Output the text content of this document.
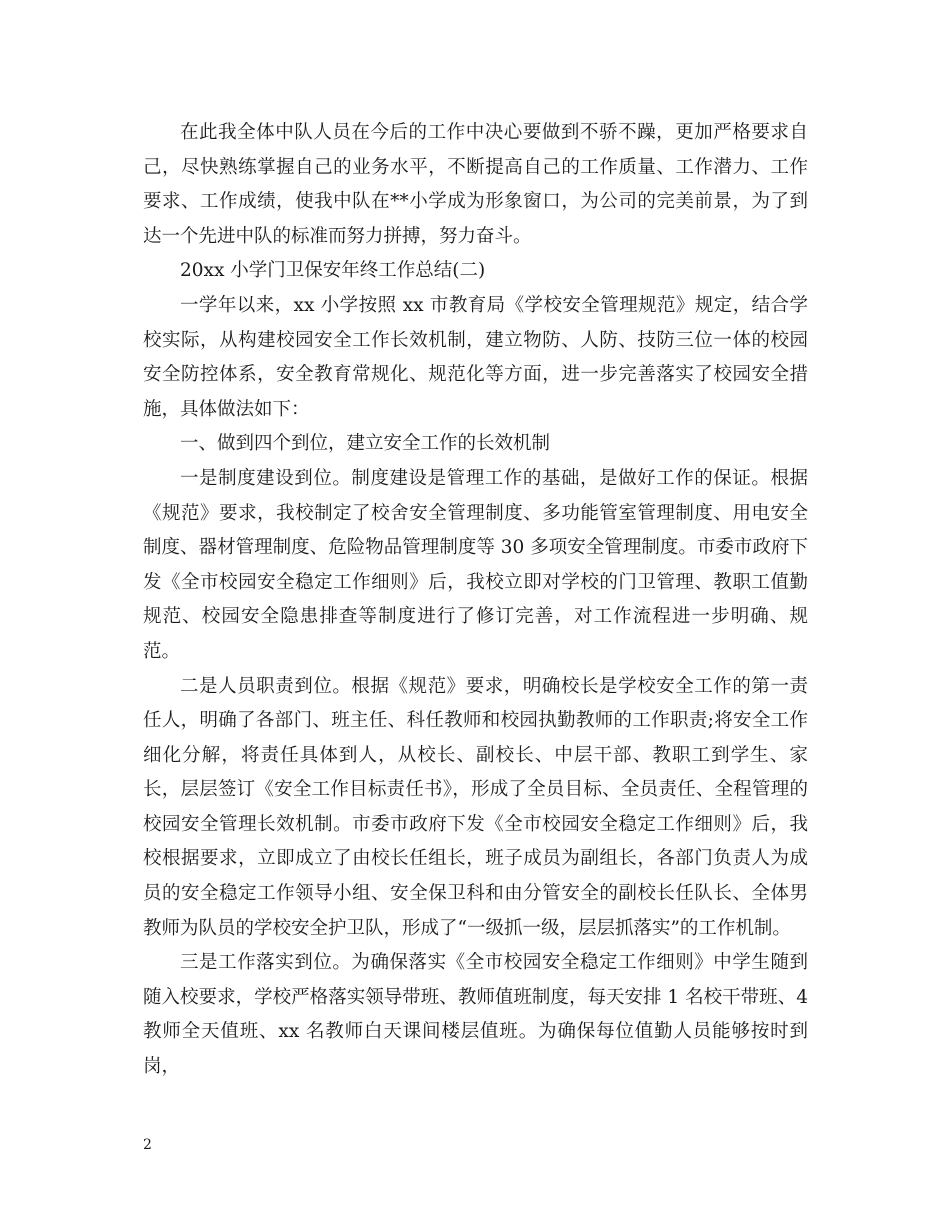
在此我全体中队人员在今后的工作中决心要做到不骄不躁，更加严格要求自己，尽快熟练掌握自己的业务水平，不断提高自己的工作质量、工作潜力、工作要求、工作成绩，使我中队在**小学成为形象窗口，为公司的完美前景，为了到达一个先进中队的标准而努力拼搏，努力奋斗。

20xx 小学门卫保安年终工作总结(二)

一学年以来，xx 小学按照 xx 市教育局《学校安全管理规范》规定，结合学校实际，从构建校园安全工作长效机制，建立物防、人防、技防三位一体的校园安全防控体系，安全教育常规化、规范化等方面，进一步完善落实了校园安全措施，具体做法如下：

一、做到四个到位，建立安全工作的长效机制

一是制度建设到位。制度建设是管理工作的基础，是做好工作的保证。根据《规范》要求，我校制定了校舍安全管理制度、多功能管室管理制度、用电安全制度、器材管理制度、危险物品管理制度等 30 多项安全管理制度。市委市政府下发《全市校园安全稳定工作细则》后，我校立即对学校的门卫管理、教职工值勤规范、校园安全隐患排查等制度进行了修订完善，对工作流程进一步明确、规范。

二是人员职责到位。根据《规范》要求，明确校长是学校安全工作的第一责任人，明确了各部门、班主任、科任教师和校园执勤教师的工作职责;将安全工作细化分解，将责任具体到人，从校长、副校长、中层干部、教职工到学生、家长，层层签订《安全工作目标责任书》，形成了全员目标、全员责任、全程管理的校园安全管理长效机制。市委市政府下发《全市校园安全稳定工作细则》后，我校根据要求，立即成立了由校长任组长，班子成员为副组长，各部门负责人为成员的安全稳定工作领导小组、安全保卫科和由分管安全的副校长任队长、全体男教师为队员的学校安全护卫队，形成了“一级抓一级，层层抓落实”的工作机制。

三是工作落实到位。为确保落实《全市校园安全稳定工作细则》中学生随到随入校要求，学校严格落实领导带班、教师值班制度，每天安排 1 名校干带班、4 教师全天值班、xx 名教师白天课间楼层值班。为确保每位值勤人员能够按时到岗，

2
